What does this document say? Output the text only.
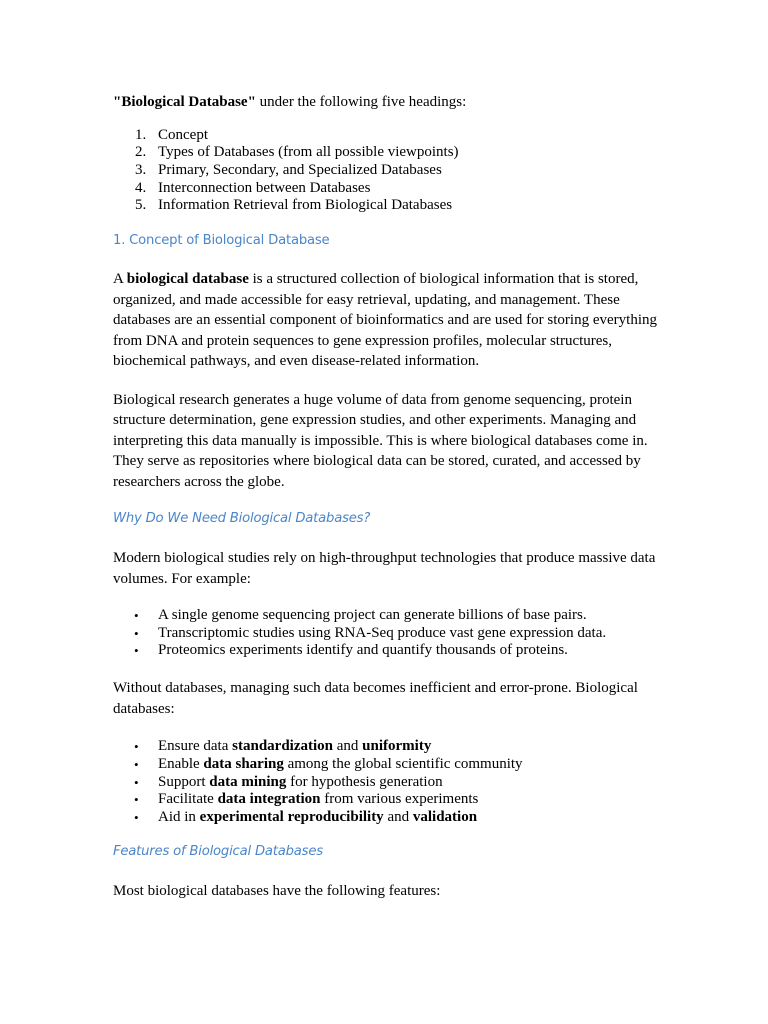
"Biological Database" under the following five headings:

1. Concept
2. Types of Databases (from all possible viewpoints)
3. Primary, Secondary, and Specialized Databases
4. Interconnection between Databases
5. Information Retrieval from Biological Databases
1. Concept of Biological Database

A biological database is a structured collection of biological information that is stored, organized, and made accessible for easy retrieval, updating, and management. These databases are an essential component of bioinformatics and are used for storing everything from DNA and protein sequences to gene expression profiles, molecular structures, biochemical pathways, and even disease-related information.

Biological research generates a huge volume of data from genome sequencing, protein structure determination, gene expression studies, and other experiments. Managing and interpreting this data manually is impossible. This is where biological databases come in. They serve as repositories where biological data can be stored, curated, and accessed by researchers across the globe.

Why Do We Need Biological Databases?

Modern biological studies rely on high-throughput technologies that produce massive data volumes. For example:

• A single genome sequencing project can generate billions of base pairs.
• Transcriptomic studies using RNA-Seq produce vast gene expression data.
• Proteomics experiments identify and quantify thousands of proteins.

Without databases, managing such data becomes inefficient and error-prone. Biological databases:

• Ensure data standardization and uniformity
• Enable data sharing among the global scientific community
• Support data mining for hypothesis generation
• Facilitate data integration from various experiments
• Aid in experimental reproducibility and validation
Features of Biological Databases

Most biological databases have the following features:
